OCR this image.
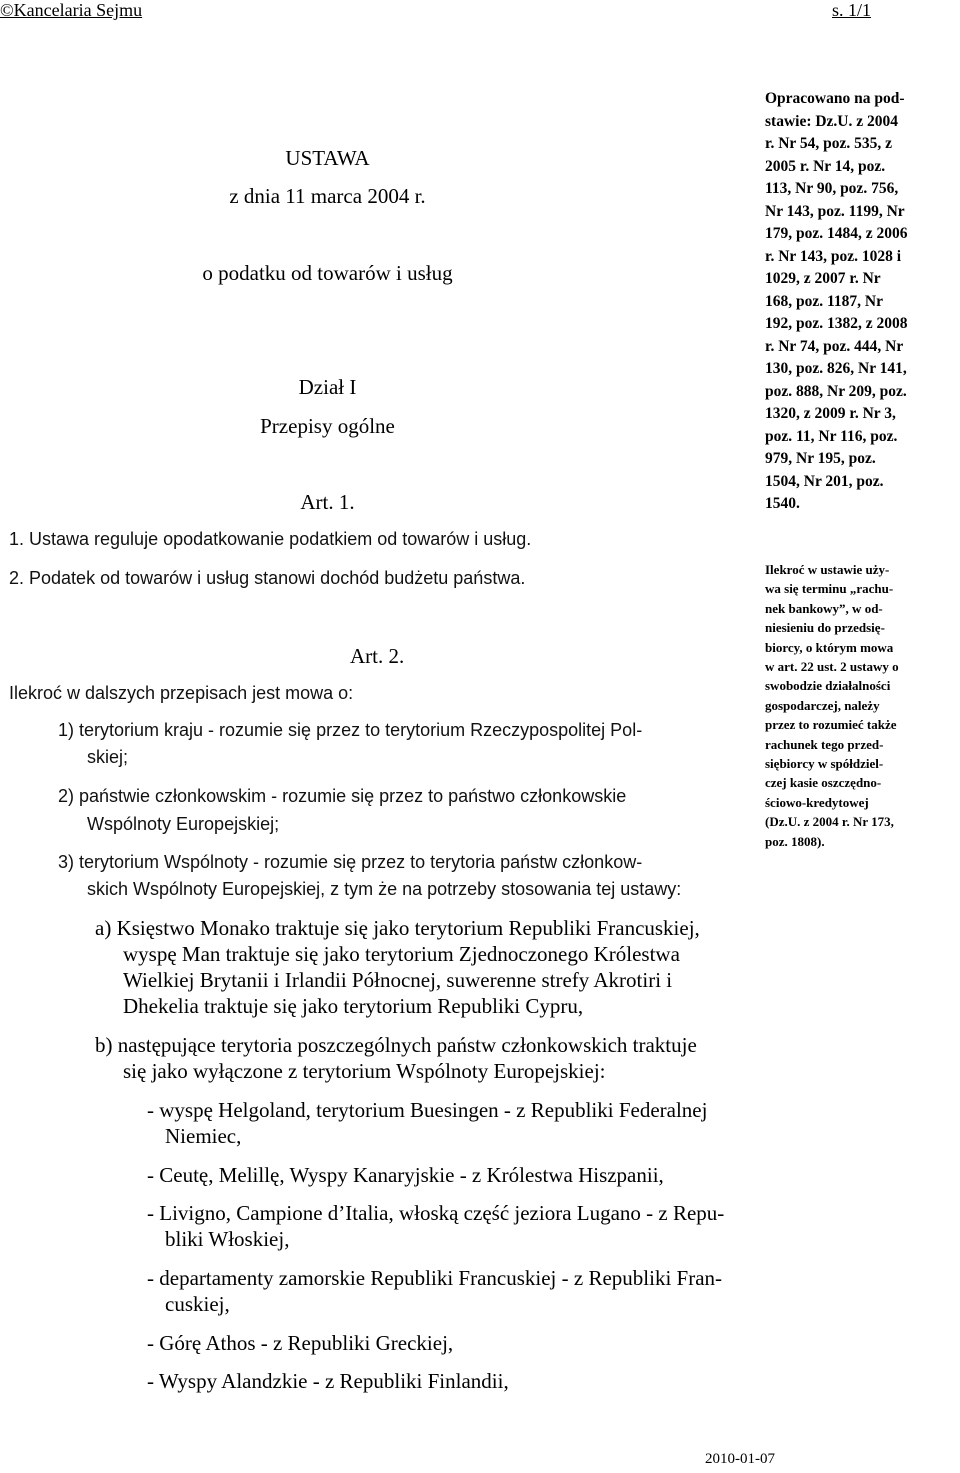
©Kancelaria Sejmu	s. 1/1
USTAWA
z dnia 11 marca 2004 r.
o podatku od towarów i usług
Dział I
Przepisy ogólne
Art. 1.
1. Ustawa reguluje opodatkowanie podatkiem od towarów i usług.
2. Podatek od towarów i usług stanowi dochód budżetu państwa.
Art. 2.
Ilekroć w dalszych przepisach jest mowa o:
1) terytorium kraju - rozumie się przez to terytorium Rzeczypospolitej Pol-
skiej;
2) państwie członkowskim - rozumie się przez to państwo członkowskie
Wspólnoty Europejskiej;
3) terytorium Wspólnoty - rozumie się przez to terytoria państw członkow-
skich Wspólnoty Europejskiej, z tym że na potrzeby stosowania tej ustawy:
a) Księstwo Monako traktuje się jako terytorium Republiki Francuskiej,
wyspę Man traktuje się jako terytorium Zjednoczonego Królestwa
Wielkiej Brytanii i Irlandii Północnej, suwerenne strefy Akrotiri i
Dhekelia traktuje się jako terytorium Republiki Cypru,
b) następujące terytoria poszczególnych państw członkowskich traktuje
się jako wyłączone z terytorium Wspólnoty Europejskiej:
- wyspę Helgoland, terytorium Buesingen - z Republiki Federalnej
Niemiec,
- Ceutę, Melillę, Wyspy Kanaryjskie - z Królestwa Hiszpanii,
- Livigno, Campione d’Italia, włoską część jeziora Lugano - z Repu-
bliki Włoskiej,
- departamenty zamorskie Republiki Francuskiej - z Republiki Fran-
cuskiej,
- Górę Athos - z Republiki Greckiej,
- Wyspy Alandzkie - z Republiki Finlandii,
Opracowano na pod-
stawie: Dz.U. z 2004
r. Nr 54, poz. 535, z
2005 r. Nr 14, poz.
113, Nr 90, poz. 756,
Nr 143, poz. 1199, Nr
179, poz. 1484, z 2006
r. Nr 143, poz. 1028 i
1029, z 2007 r. Nr
168, poz. 1187, Nr
192, poz. 1382, z 2008
r. Nr 74, poz. 444, Nr
130, poz. 826, Nr 141,
poz. 888, Nr 209, poz.
1320, z 2009 r. Nr 3,
poz. 11, Nr 116, poz.
979, Nr 195, poz.
1504, Nr 201, poz.
1540.
Ilekroć w ustawie uży-
wa się terminu „rachu-
nek bankowy”, w od-
niesieniu do przedsię-
biorcy, o którym mowa
w art. 22 ust. 2 ustawy o
swobodzie działalności
gospodarczej, należy
przez to rozumieć także
rachunek tego przed-
siębiorcy w spółdziel-
czej kasie oszczędno-
ściowo-kredytowej
(Dz.U. z 2004 r. Nr 173,
poz. 1808).
2010-01-07
